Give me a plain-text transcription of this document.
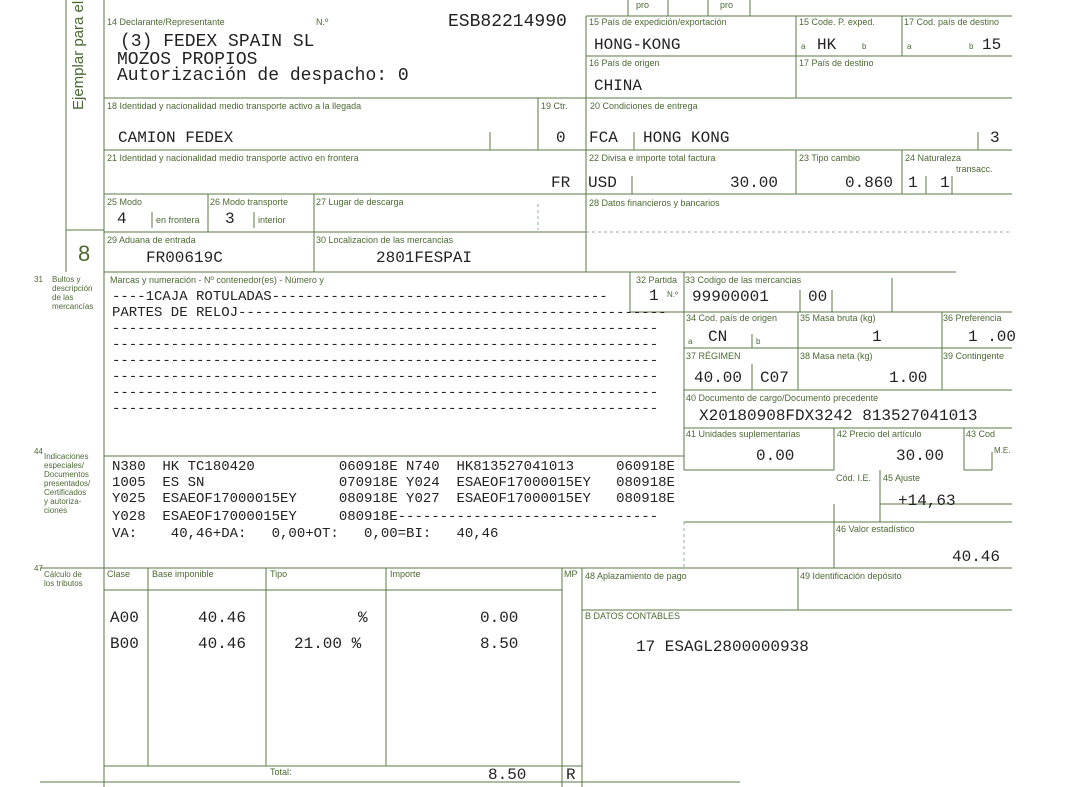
Ejemplar para el
8
pro	pro
14 Declarante/Representante	N.º	ESB82214990
(3) FEDEX SPAIN SL
MOZOS PROPIOS
Autorización de despacho: 0
15 País de expedición/exportación
HONG-KONG
15 Code. P. exped.
a HK	b
17 Cod. país de destino
a	b 15
16 País de origen
CHINA
17 País de destino
18 Identidad y nacionalidad medio transporte activo a la llegada
CAMION FEDEX
19 Ctr.
0
20 Condiciones de entrega
FCA HONG KONG	3
21 Identidad y nacionalidad medio transporte activo en frontera
FR
22 Divisa e importe total factura
USD	30.00
23 Tipo cambio
0.860
24 Naturaleza
transacc.
1 1
25 Modo
4	en frontera
26 Modo transporte
3	interior
27 Lugar de descarga	28 Datos financieros y bancarios
29 Aduana de entrada
FR00619C
30 Localizacion de las mercancias
2801FESPAI
31 Bultos y
descripción
de las
mercancías
Marcas y numeración - Nº contenedor(es) - Número y
----1CAJA ROTULADAS----------------------------------------
PARTES DE RELOJ---------------------------------------------------
-----------------------------------------------------------------
-----------------------------------------------------------------
-----------------------------------------------------------------
-----------------------------------------------------------------
-----------------------------------------------------------------
-----------------------------------------------------------------
32 Partida
1 N.º
33 Codigo de las mercancias
99900001 00
34 Cod. país de origen
a CN	b
35 Masa bruta (kg)
1
36 Preferencia
1 .00
37 RÉGIMEN
40.00 C07
38 Masa neta (kg)
1.00
39 Contingente
40 Documento de cargo/Documento precedente
X20180908FDX3242 813527041013
41 Unidades suplementarias
0.00
42 Precio del artículo
30.00
43 Cod
M.E.
44
Indicaciones
especiales/
Documentos
presentados/
Certificados
y autoriza-
ciones
N380  HK TC180420          060918E N740  HK813527041013     060918E
1005  ES SN                070918E Y024  ESAEOF17000015EY   080918E
Y025  ESAEOF17000015EY     080918E Y027  ESAEOF17000015EY   080918E
Y028  ESAEOF17000015EY     080918E-------------------------------
VA:    40,46+DA:   0,00+OT:   0,00=BI:   40,46
Cód. I.E. 45 Ajuste
+14,63
46 Valor estadístico
40.46
47
Cálculo de
los tributos
Clase Base imponible	Tipo	Importe	MP
A00	40.46	%	0.00
B00	40.46	21.00 %	8.50
Total:	8.50 R
48 Aplazamiento de pago	49 Identificación depósito
B DATOS CONTABLES
17 ESAGL2800000938
